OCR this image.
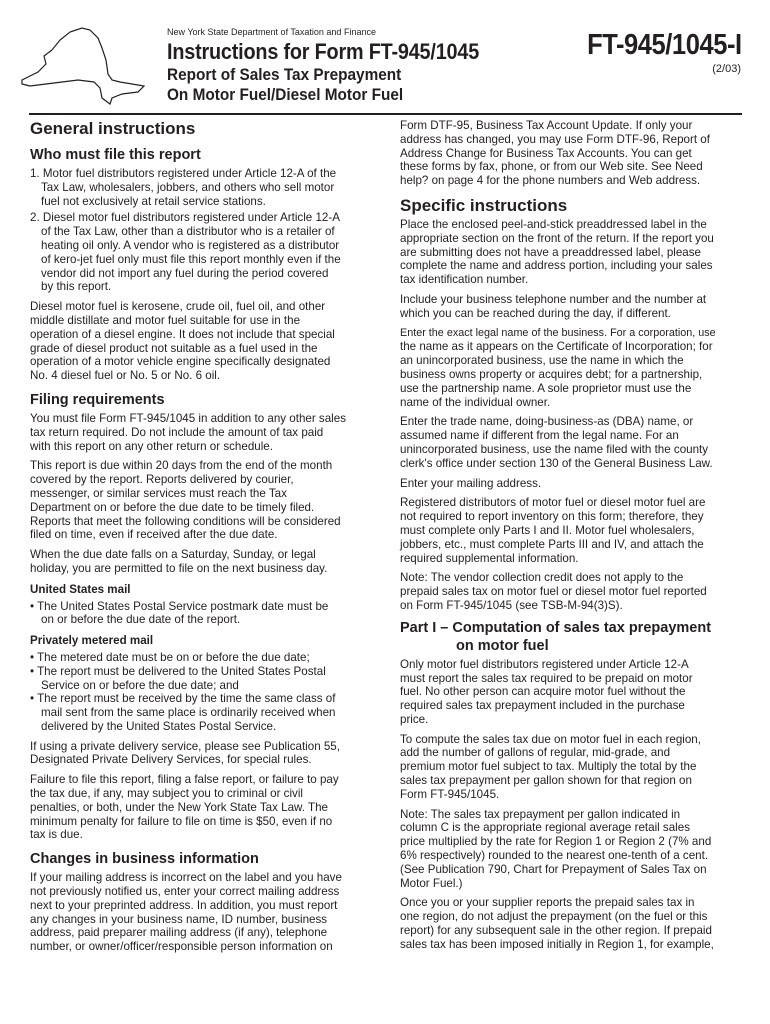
New York State Department of Taxation and Finance
Instructions for Form FT-945/1045
Report of Sales Tax Prepayment
On Motor Fuel/Diesel Motor Fuel
FT-945/1045-I
(2/03)
General instructions
Who must file this report
1. Motor fuel distributors registered under Article 12-A of the
Tax Law, wholesalers, jobbers, and others who sell motor
fuel not exclusively at retail service stations.
2. Diesel motor fuel distributors registered under Article 12-A
of the Tax Law, other than a distributor who is a retailer of
heating oil only. A vendor who is registered as a distributor
of kero-jet fuel only must file this report monthly even if the
vendor did not import any fuel during the period covered
by this report.
Diesel motor fuel is kerosene, crude oil, fuel oil, and other
middle distillate and motor fuel suitable for use in the
operation of a diesel engine. It does not include that special
grade of diesel product not suitable as a fuel used in the
operation of a motor vehicle engine specifically designated
No. 4 diesel fuel or No. 5 or No. 6 oil.
Filing requirements
You must file Form FT-945/1045 in addition to any other sales
tax return required. Do not include the amount of tax paid
with this report on any other return or schedule.
This report is due within 20 days from the end of the month
covered by the report. Reports delivered by courier,
messenger, or similar services must reach the Tax
Department on or before the due date to be timely filed.
Reports that meet the following conditions will be considered
filed on time, even if received after the due date.
When the due date falls on a Saturday, Sunday, or legal
holiday, you are permitted to file on the next business day.
United States mail
• The United States Postal Service postmark date must be
on or before the due date of the report.
Privately metered mail
• The metered date must be on or before the due date;
• The report must be delivered to the United States Postal
Service on or before the due date; and
• The report must be received by the time the same class of
mail sent from the same place is ordinarily received when
delivered by the United States Postal Service.
If using a private delivery service, please see Publication 55,
Designated Private Delivery Services, for special rules.
Failure to file this report, filing a false report, or failure to pay
the tax due, if any, may subject you to criminal or civil
penalties, or both, under the New York State Tax Law. The
minimum penalty for failure to file on time is $50, even if no
tax is due.
Changes in business information
If your mailing address is incorrect on the label and you have
not previously notified us, enter your correct mailing address
next to your preprinted address. In addition, you must report
any changes in your business name, ID number, business
address, paid preparer mailing address (if any), telephone
number, or owner/officer/responsible person information on
Form DTF-95, Business Tax Account Update. If only your
address has changed, you may use Form DTF-96, Report of
Address Change for Business Tax Accounts. You can get
these forms by fax, phone, or from our Web site. See Need
help? on page 4 for the phone numbers and Web address.
Specific instructions
Place the enclosed peel-and-stick preaddressed label in the
appropriate section on the front of the return. If the report you
are submitting does not have a preaddressed label, please
complete the name and address portion, including your sales
tax identification number.
Include your business telephone number and the number at
which you can be reached during the day, if different.
Enter the exact legal name of the business. For a corporation, use
the name as it appears on the Certificate of Incorporation; for
an unincorporated business, use the name in which the
business owns property or acquires debt; for a partnership,
use the partnership name. A sole proprietor must use the
name of the individual owner.
Enter the trade name, doing-business-as (DBA) name, or
assumed name if different from the legal name. For an
unincorporated business, use the name filed with the county
clerk's office under section 130 of the General Business Law.
Enter your mailing address.
Registered distributors of motor fuel or diesel motor fuel are
not required to report inventory on this form; therefore, they
must complete only Parts I and II. Motor fuel wholesalers,
jobbers, etc., must complete Parts III and IV, and attach the
required supplemental information.
Note: The vendor collection credit does not apply to the
prepaid sales tax on motor fuel or diesel motor fuel reported
on Form FT-945/1045 (see TSB-M-94(3)S).
Part I – Computation of sales tax prepayment
on motor fuel
Only motor fuel distributors registered under Article 12-A
must report the sales tax required to be prepaid on motor
fuel. No other person can acquire motor fuel without the
required sales tax prepayment included in the purchase
price.
To compute the sales tax due on motor fuel in each region,
add the number of gallons of regular, mid-grade, and
premium motor fuel subject to tax. Multiply the total by the
sales tax prepayment per gallon shown for that region on
Form FT-945/1045.
Note: The sales tax prepayment per gallon indicated in
column C is the appropriate regional average retail sales
price multiplied by the rate for Region 1 or Region 2 (7% and
6% respectively) rounded to the nearest one-tenth of a cent.
(See Publication 790, Chart for Prepayment of Sales Tax on
Motor Fuel.)
Once you or your supplier reports the prepaid sales tax in
one region, do not adjust the prepayment (on the fuel or this
report) for any subsequent sale in the other region. If prepaid
sales tax has been imposed initially in Region 1, for example,
